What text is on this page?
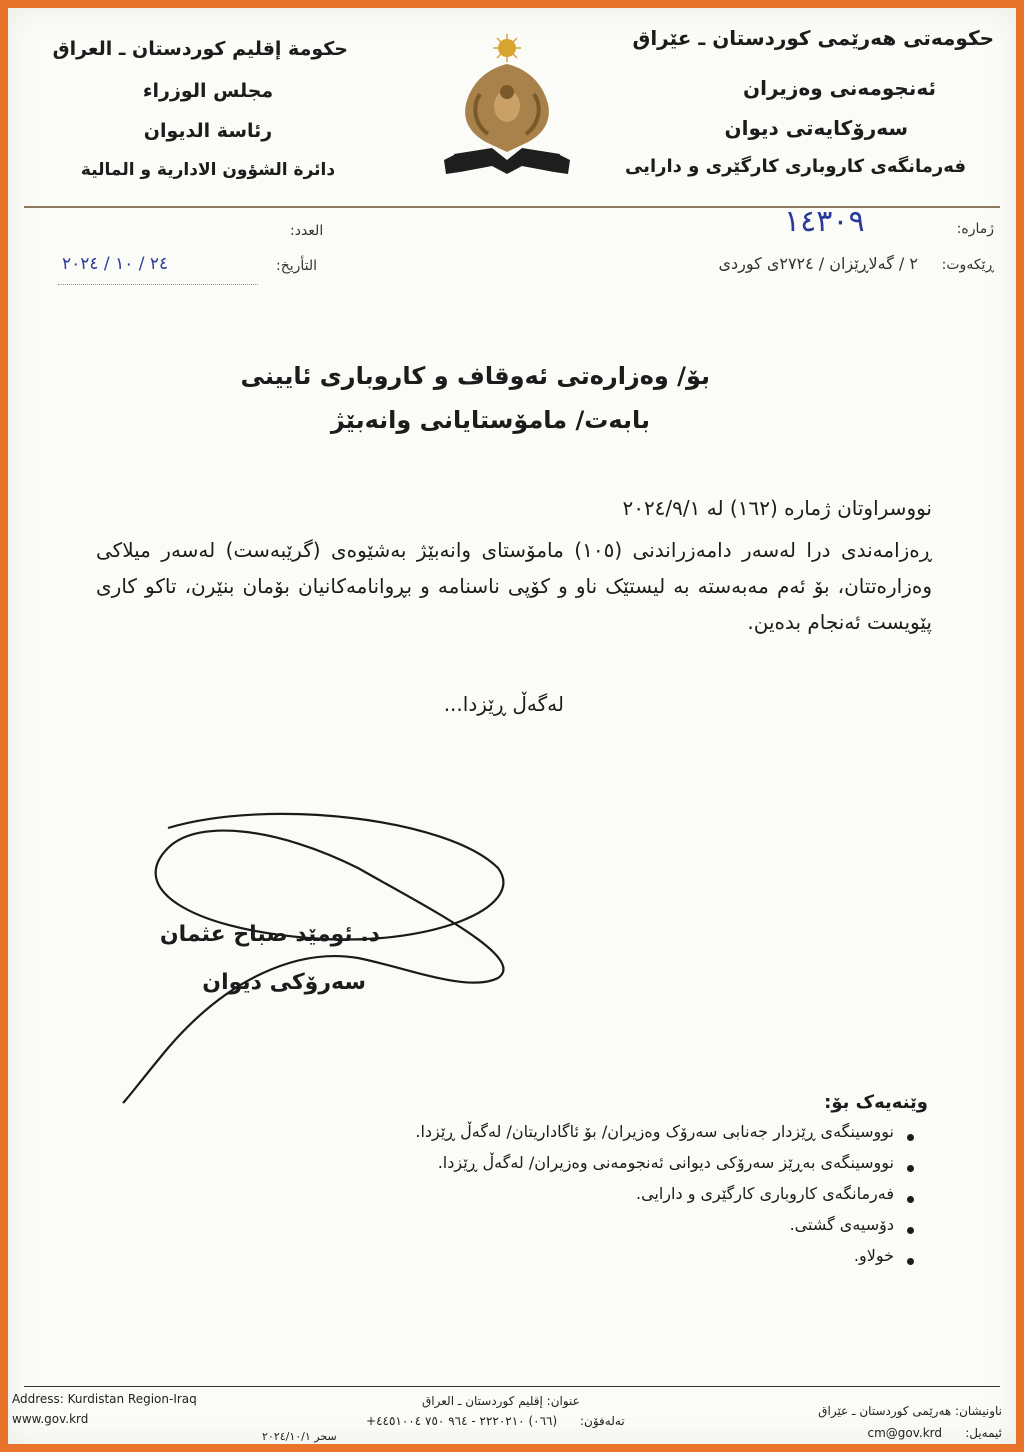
حکومەتی هەرێمی کوردستان ـ عێراق
ئەنجومەنی وەزیران
سەرۆکایەتی دیوان
فەرمانگەی کاروباری کارگێری و دارایی
حكومة إقليم كوردستان ـ العراق
مجلس الوزراء
رئاسة الديوان
دائرة الشؤون الادارية و المالية
ژمارە:
١٤٣٠٩
ڕێکەوت:
٢ / گەلاڕێزان / ٢٧٢٤ی کوردی
العدد:
التأريخ:
٢٤ / ١٠ / ٢٠٢٤
بۆ/ وەزارەتی ئەوقاف و کاروباری ئایینی
بابەت/ مامۆستایانی وانەبێژ
نووسراوتان ژمارە (١٦٢) لە ٢٠٢٤/٩/١
ڕەزامەندی درا لەسەر دامەزراندنی (١٠٥) مامۆستای وانەبێژ بەشێوەی (گرێبەست) لەسەر میلاکی وەزارەتتان، بۆ ئەم مەبەستە بە لیستێک ناو و کۆپی ناسنامە و بڕوانامەکانیان بۆمان بنێرن، تاکو کاری پێویست ئەنجام بدەین.
لەگەڵ ڕێزدا...
د. ئومێد صباح عثمان
سەرۆکی دیوان
وێنەیەک بۆ:
نووسینگەی ڕێزدار جەنابی سەرۆک وەزیران/ بۆ ئاگاداریتان/ لەگەڵ ڕێزدا.
نووسینگەی بەڕێز سەرۆکی دیوانی ئەنجومەنی وەزیران/ لەگەڵ ڕێزدا.
فەرمانگەی کاروباری کارگێری و دارایی.
دۆسیەی گشتی.
خولاو.
Address: Kurdistan Region-Iraq
www.gov.krd
عنوان: إقليم كوردستان ـ العراق
تەلەفۆن:
(٠٦٦) ٢٢٢٠٢١٠ - ٩٦٤ ٧٥٠ ٤٤٥١٠٠٤+
سحر ٢٠٢٤/١٠/١
ناونیشان: هەرێمی کوردستان ـ عێراق
ئیمەیل:
cm@gov.krd
